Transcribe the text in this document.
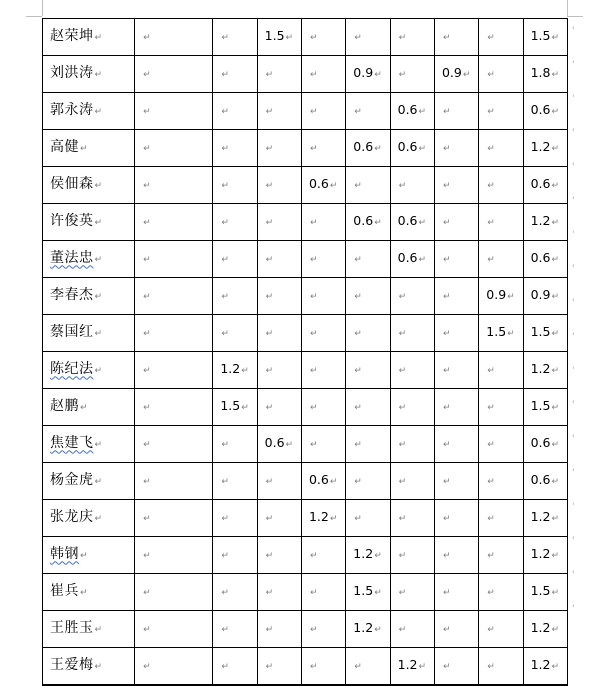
赵荣坤↵	↵	↵	1.5↵	↵	↵	↵	↵	↵	1.5↵
刘洪涛↵	↵	↵	↵	↵	0.9↵	↵	0.9↵	↵	1.8↵
郭永涛↵	↵	↵	↵	↵	↵	0.6↵	↵	↵	0.6↵
高健↵	↵	↵	↵	↵	0.6↵	0.6↵	↵	↵	1.2↵
侯佃森↵	↵	↵	↵	0.6↵	↵	↵	↵	↵	0.6↵
许俊英↵	↵	↵	↵	↵	0.6↵	0.6↵	↵	↵	1.2↵
董法忠↵	↵	↵	↵	↵	↵	0.6↵	↵	↵	0.6↵
李春杰↵	↵	↵	↵	↵	↵	↵	↵	0.9↵	0.9↵
蔡国红↵	↵	↵	↵	↵	↵	↵	↵	1.5↵	1.5↵
陈纪法↵	↵	1.2↵	↵	↵	↵	↵	↵	↵	1.2↵
赵鹏↵	↵	1.5↵	↵	↵	↵	↵	↵	↵	1.5↵
焦建飞↵	↵	↵	0.6↵	↵	↵	↵	↵	↵	0.6↵
杨金虎↵	↵	↵	↵	0.6↵	↵	↵	↵	↵	0.6↵
张龙庆↵	↵	↵	↵	1.2↵	↵	↵	↵	↵	1.2↵
韩钢↵	↵	↵	↵	↵	1.2↵	↵	↵	↵	1.2↵
崔兵↵	↵	↵	↵	↵	1.5↵	↵	↵	↵	1.5↵
王胜玉↵	↵	↵	↵	↵	1.2↵	↵	↵	↵	1.2↵
王爱梅↵	↵	↵	↵	↵	↵	1.2↵	↵	↵	1.2↵
'
'
'
'
'
'
'
'
'
'
'
'
'
'
'
'
'
'
